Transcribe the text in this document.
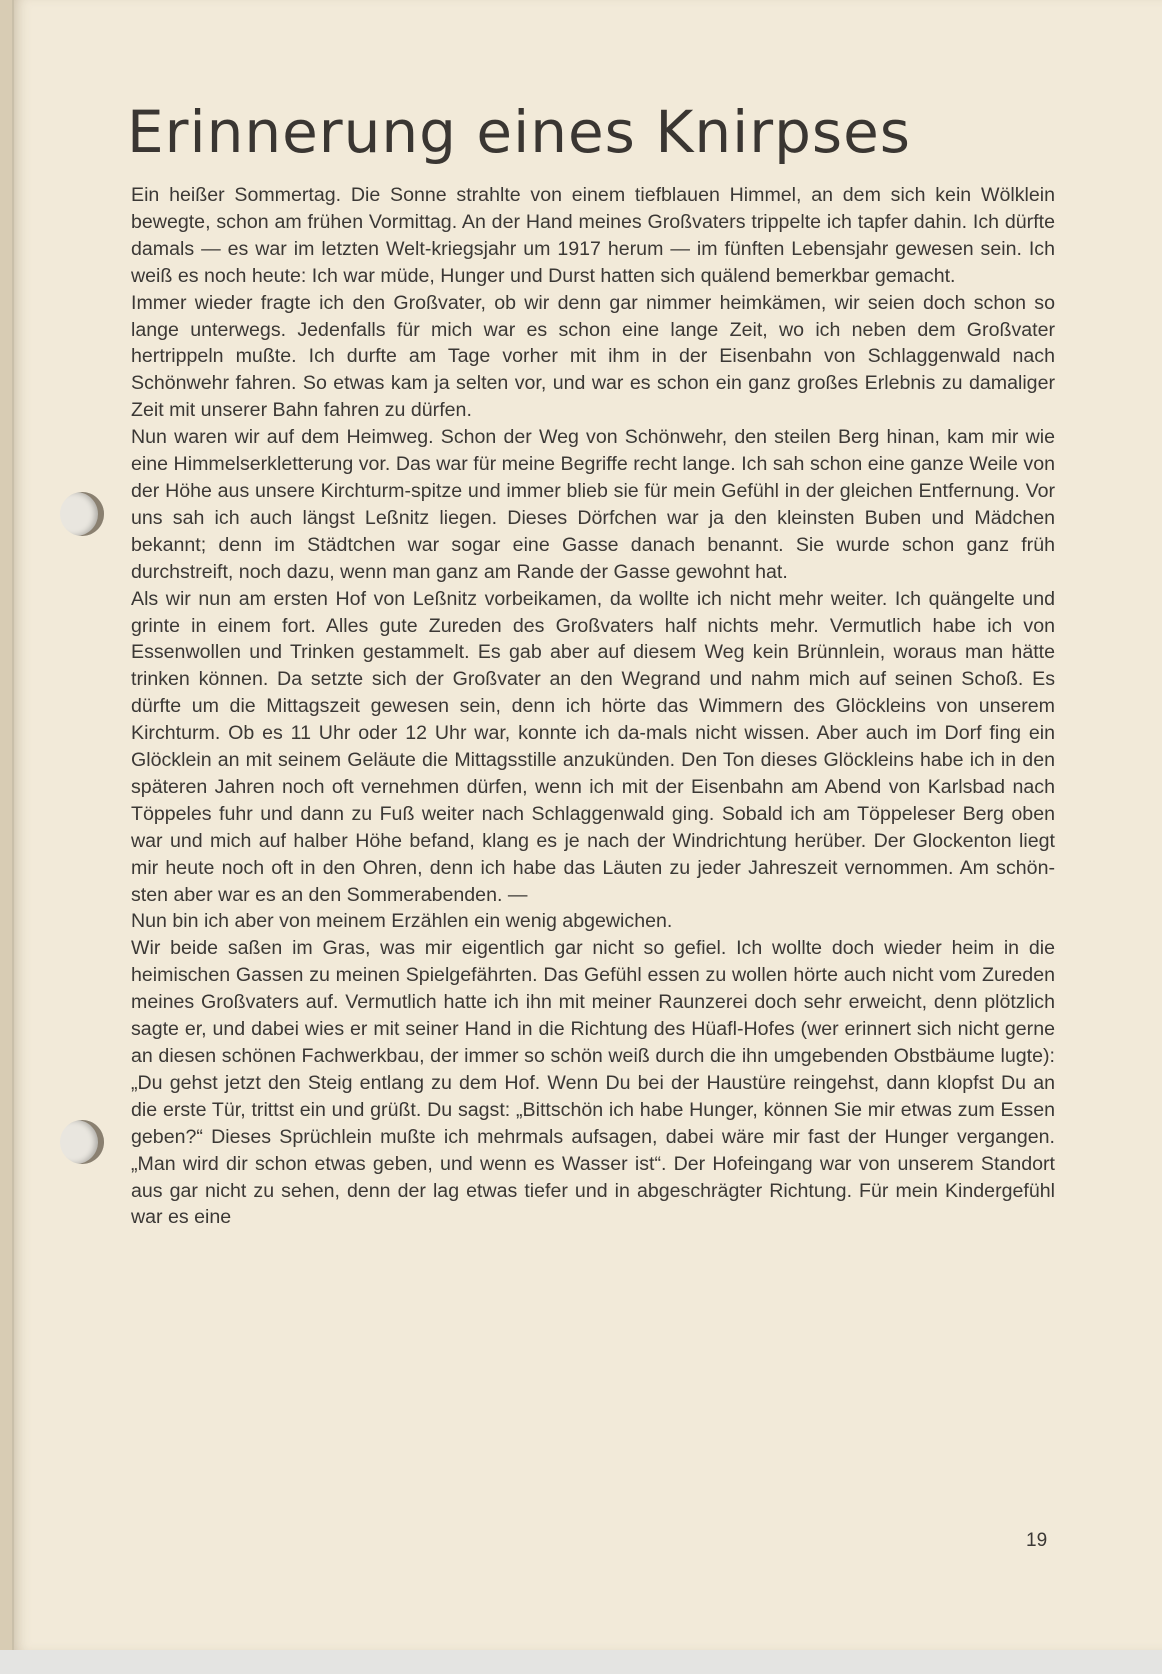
Erinnerung eines Knirpses

Ein heißer Sommertag. Die Sonne strahlte von einem tiefblauen Himmel, an dem sich kein Wölklein bewegte, schon am frühen Vormittag. An der Hand meines Großvaters trippelte ich tapfer dahin. Ich dürfte damals — es war im letzten Welt-kriegsjahr um 1917 herum — im fünften Lebensjahr gewesen sein. Ich weiß es noch heute: Ich war müde, Hunger und Durst hatten sich quälend bemerkbar gemacht.

Immer wieder fragte ich den Großvater, ob wir denn gar nimmer heimkämen, wir seien doch schon so lange unterwegs. Jedenfalls für mich war es schon eine lange Zeit, wo ich neben dem Großvater hertrippeln mußte. Ich durfte am Tage vorher mit ihm in der Eisenbahn von Schlaggenwald nach Schönwehr fahren. So etwas kam ja selten vor, und war es schon ein ganz großes Erlebnis zu damaliger Zeit mit unserer Bahn fahren zu dürfen.

Nun waren wir auf dem Heimweg. Schon der Weg von Schönwehr, den steilen Berg hinan, kam mir wie eine Himmelserkletterung vor. Das war für meine Begriffe recht lange. Ich sah schon eine ganze Weile von der Höhe aus unsere Kirchturm-spitze und immer blieb sie für mein Gefühl in der gleichen Entfernung. Vor uns sah ich auch längst Leßnitz liegen. Dieses Dörfchen war ja den kleinsten Buben und Mädchen bekannt; denn im Städtchen war sogar eine Gasse danach benannt. Sie wurde schon ganz früh durchstreift, noch dazu, wenn man ganz am Rande der Gasse gewohnt hat.

Als wir nun am ersten Hof von Leßnitz vorbeikamen, da wollte ich nicht mehr weiter. Ich quängelte und grinte in einem fort. Alles gute Zureden des Großvaters half nichts mehr. Vermutlich habe ich von Essenwollen und Trinken gestammelt. Es gab aber auf diesem Weg kein Brünnlein, woraus man hätte trinken können. Da setzte sich der Großvater an den Wegrand und nahm mich auf seinen Schoß. Es dürfte um die Mittagszeit gewesen sein, denn ich hörte das Wimmern des Glöckleins von unserem Kirchturm. Ob es 11 Uhr oder 12 Uhr war, konnte ich da-mals nicht wissen. Aber auch im Dorf fing ein Glöcklein an mit seinem Geläute die Mittagsstille anzukünden. Den Ton dieses Glöckleins habe ich in den späteren Jahren noch oft vernehmen dürfen, wenn ich mit der Eisenbahn am Abend von Karlsbad nach Töppeles fuhr und dann zu Fuß weiter nach Schlaggenwald ging. Sobald ich am Töppeleser Berg oben war und mich auf halber Höhe befand, klang es je nach der Windrichtung herüber. Der Glockenton liegt mir heute noch oft in den Ohren, denn ich habe das Läuten zu jeder Jahreszeit vernommen. Am schön-sten aber war es an den Sommerabenden. —

Nun bin ich aber von meinem Erzählen ein wenig abgewichen.

Wir beide saßen im Gras, was mir eigentlich gar nicht so gefiel. Ich wollte doch wieder heim in die heimischen Gassen zu meinen Spielgefährten. Das Gefühl essen zu wollen hörte auch nicht vom Zureden meines Großvaters auf. Vermutlich hatte ich ihn mit meiner Raunzerei doch sehr erweicht, denn plötzlich sagte er, und dabei wies er mit seiner Hand in die Richtung des Hüafl-Hofes (wer erinnert sich nicht gerne an diesen schönen Fachwerkbau, der immer so schön weiß durch die ihn umgebenden Obstbäume lugte): „Du gehst jetzt den Steig entlang zu dem Hof. Wenn Du bei der Haustüre reingehst, dann klopfst Du an die erste Tür, trittst ein und grüßt. Du sagst: „Bittschön ich habe Hunger, können Sie mir etwas zum Essen geben?“ Dieses Sprüchlein mußte ich mehrmals aufsagen, dabei wäre mir fast der Hunger vergangen. „Man wird dir schon etwas geben, und wenn es Wasser ist“. Der Hofeingang war von unserem Standort aus gar nicht zu sehen, denn der lag etwas tiefer und in abgeschrägter Richtung. Für mein Kindergefühl war es eine

19
